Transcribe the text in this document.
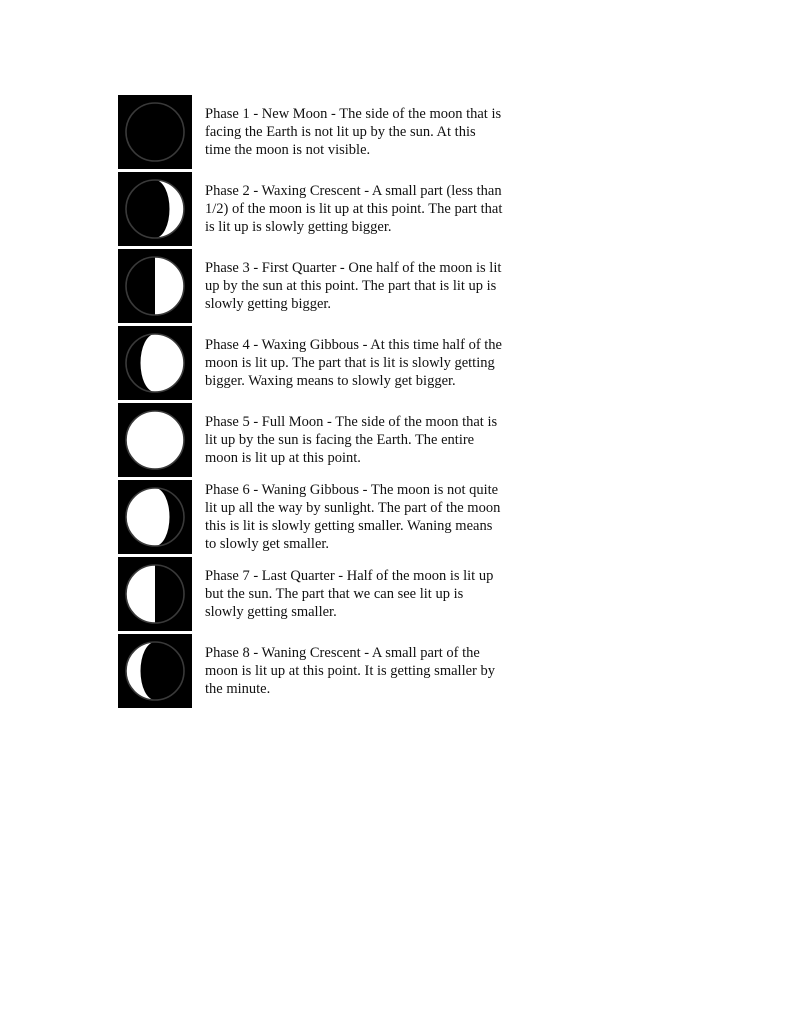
Phase 1 - New Moon - The side of the moon that is facing the Earth is not lit up by the sun. At this time the moon is not visible.
Phase 2 - Waxing Crescent - A small part (less than 1/2) of the moon is lit up at this point. The part that is lit up is slowly getting bigger.
Phase 3 - First Quarter - One half of the moon is lit up by the sun at this point. The part that is lit up is slowly getting bigger.
Phase 4 - Waxing Gibbous - At this time half of the moon is lit up. The part that is lit is slowly getting bigger. Waxing means to slowly get bigger.
Phase 5 - Full Moon - The side of the moon that is lit up by the sun is facing the Earth. The entire moon is lit up at this point.
Phase 6 - Waning Gibbous - The moon is not quite lit up all the way by sunlight. The part of the moon this is lit is slowly getting smaller. Waning means to slowly get smaller.
Phase 7 - Last Quarter - Half of the moon is lit up but the sun. The part that we can see lit up is slowly getting smaller.
Phase 8 - Waning Crescent - A small part of the moon is lit up at this point. It is getting smaller by the minute.
